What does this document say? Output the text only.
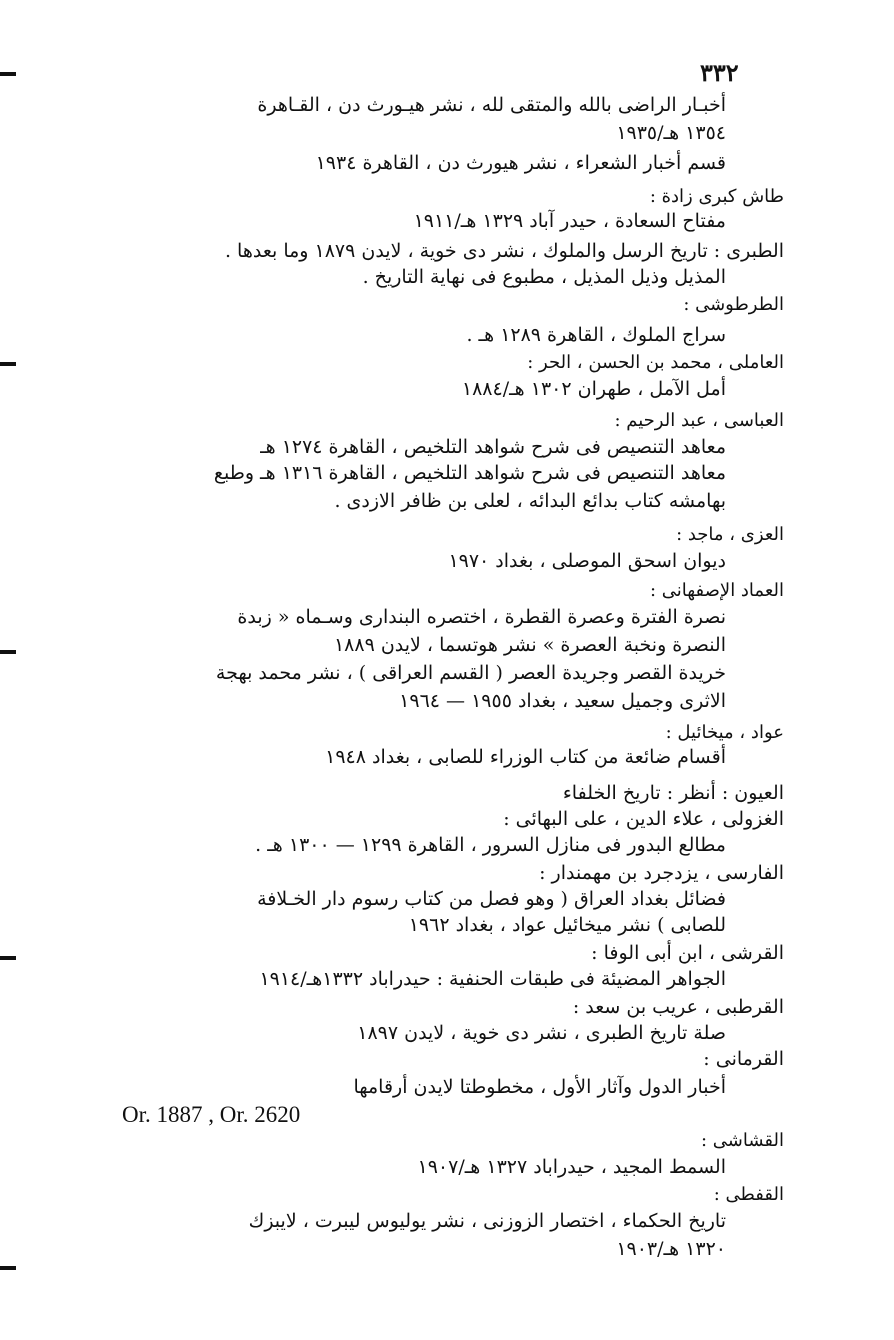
٣٣٢
أخبـار الراضى بالله والمتقى لله ، نشر هيـورث دن ، القـاهرة
١٣٥٤ هـ/١٩٣٥
قسم أخبار الشعراء ، نشر هيورث دن ، القاهرة ١٩٣٤
طاش كبرى زادة :
مفتاح السعادة ، حيدر آباد ١٣٢٩ هـ/١٩١١
الطبرى : تاريخ الرسل والملوك ، نشر دى خوية ، لايدن ١٨٧٩ وما بعدها .
المذيل وذيل المذيل ، مطبوع فى نهاية التاريخ .
الطرطوشى :
سراج الملوك ، القاهرة ١٢٨٩ هـ .
العاملى ، محمد بن الحسن ، الحر :
أمل الآمل ، طهران ١٣٠٢ هـ/١٨٨٤
العباسى ، عبد الرحيم :
معاهد التنصيص فى شرح شواهد التلخيص ، القاهرة ١٢٧٤ هـ
معاهد التنصيص فى شرح شواهد التلخيص ، القاهرة ١٣١٦ هـ وطبع
بهامشه كتاب بدائع البدائه ، لعلى بن ظافر الازدى .
العزى ، ماجد :
ديوان اسحق الموصلى ، بغداد ١٩٧٠
العماد الإصفهانى :
نصرة الفترة وعصرة القطرة ، اختصره البندارى وسـماه « زبدة
النصرة ونخبة العصرة » نشر هوتسما ، لايدن ١٨٨٩
خريدة القصر وجريدة العصر ( القسم العراقى ) ، نشر محمد بهجة
الاثرى وجميل سعيد ، بغداد ١٩٥٥ — ١٩٦٤
عواد ، ميخائيل :
أقسام ضائعة من كتاب الوزراء للصابى ، بغداد ١٩٤٨
العيون : أنظر : تاريخ الخلفاء
الغزولى ، علاء الدين ، على البهائى :
مطالع البدور فى منازل السرور ، القاهرة ١٢٩٩ — ١٣٠٠ هـ .
الفارسى ، يزدجرد بن مهمندار :
فضائل بغداد العراق ( وهو فصل من كتاب رسوم دار الخـلافة
للصابى ) نشر ميخائيل عواد ، بغداد ١٩٦٢
القرشى ، ابن أبى الوفا :
الجواهر المضيئة فى طبقات الحنفية : حيدراباد ١٣٣٢هـ/١٩١٤
القرطبى ، عريب بن سعد :
صلة تاريخ الطبرى ، نشر دى خوية ، لايدن ١٨٩٧
القرمانى :
أخبار الدول وآثار الأول ، مخطوطتا لايدن أرقامها
Or. 1887 , Or. 2620
القشاشى :
السمط المجيد ، حيدراباد ١٣٢٧ هـ/١٩٠٧
القفطى :
تاريخ الحكماء ، اختصار الزوزنى ، نشر يوليوس ليبرت ، لايبزك
١٣٢٠ هـ/١٩٠٣
